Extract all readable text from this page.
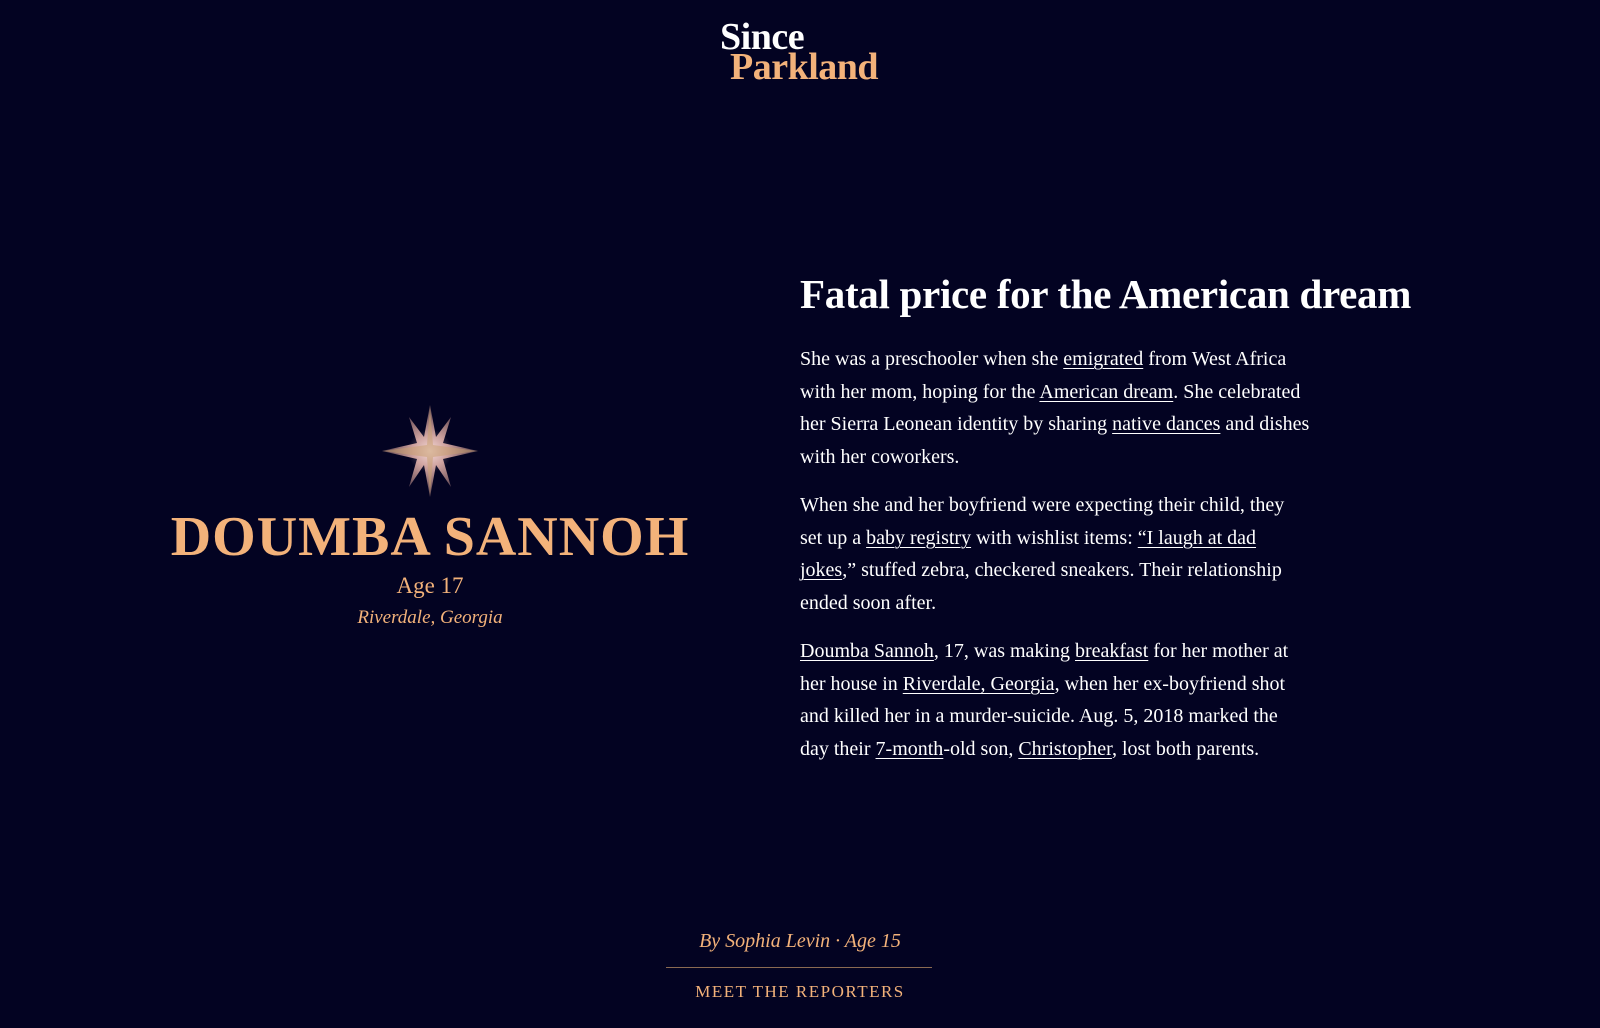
Since
Parkland
DOUMBA SANNOH
Age 17
Riverdale, Georgia
Fatal price for the American dream

She was a preschooler when she emigrated from West Africa with her mom, hoping for the American dream. She celebrated her Sierra Leonean identity by sharing native dances and dishes with her coworkers.

When she and her boyfriend were expecting their child, they set up a baby registry with wishlist items: “I laugh at dad jokes,” stuffed zebra, checkered sneakers. Their relationship ended soon after.

Doumba Sannoh, 17, was making breakfast for her mother at her house in Riverdale, Georgia, when her ex-boyfriend shot and killed her in a murder-suicide. Aug. 5, 2018 marked the day their 7-month-old son, Christopher, lost both parents.

By Sophia Levin · Age 15
MEET THE REPORTERS
